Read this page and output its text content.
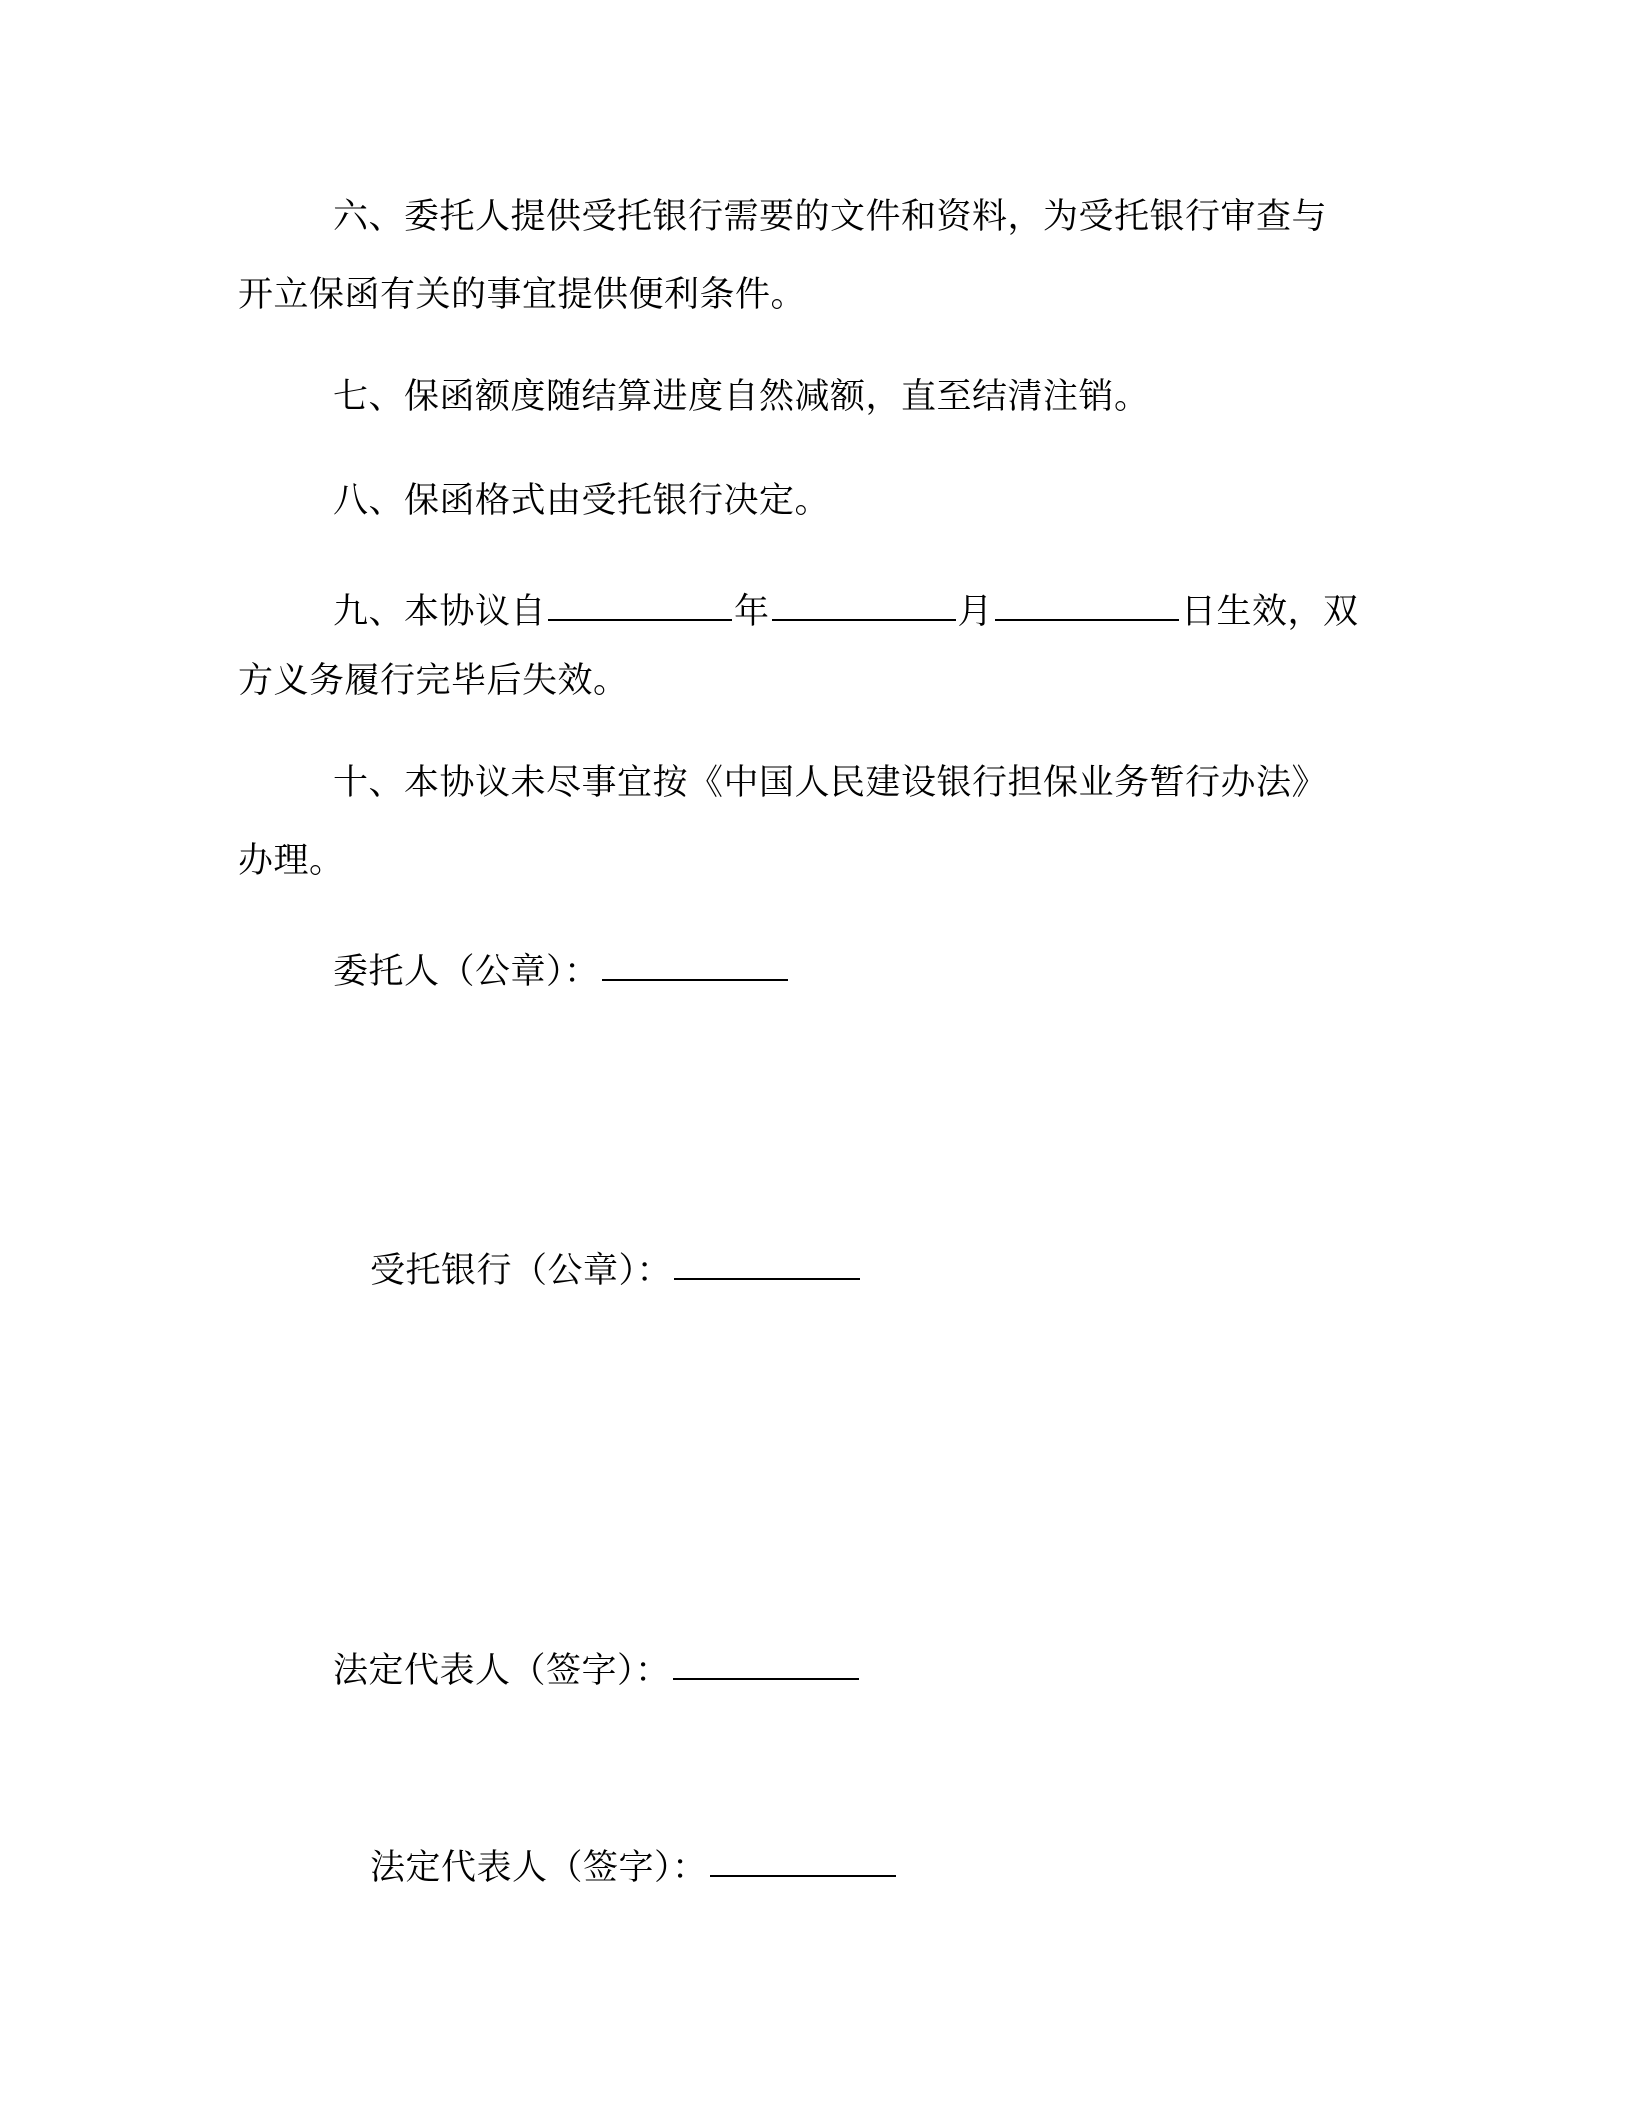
六、委托人提供受托银行需要的文件和资料，为受托银行审查与

开立保函有关的事宜提供便利条件。

七、保函额度随结算进度自然减额，直至结清注销。

八、保函格式由受托银行决定。

九、本协议自	年	月	日生效，双

方义务履行完毕后失效。

十、本协议未尽事宜按《中国人民建设银行担保业务暂行办法》

办理。

委托人（公章）：

受托银行（公章）：

法定代表人（签字）：

法定代表人（签字）：
